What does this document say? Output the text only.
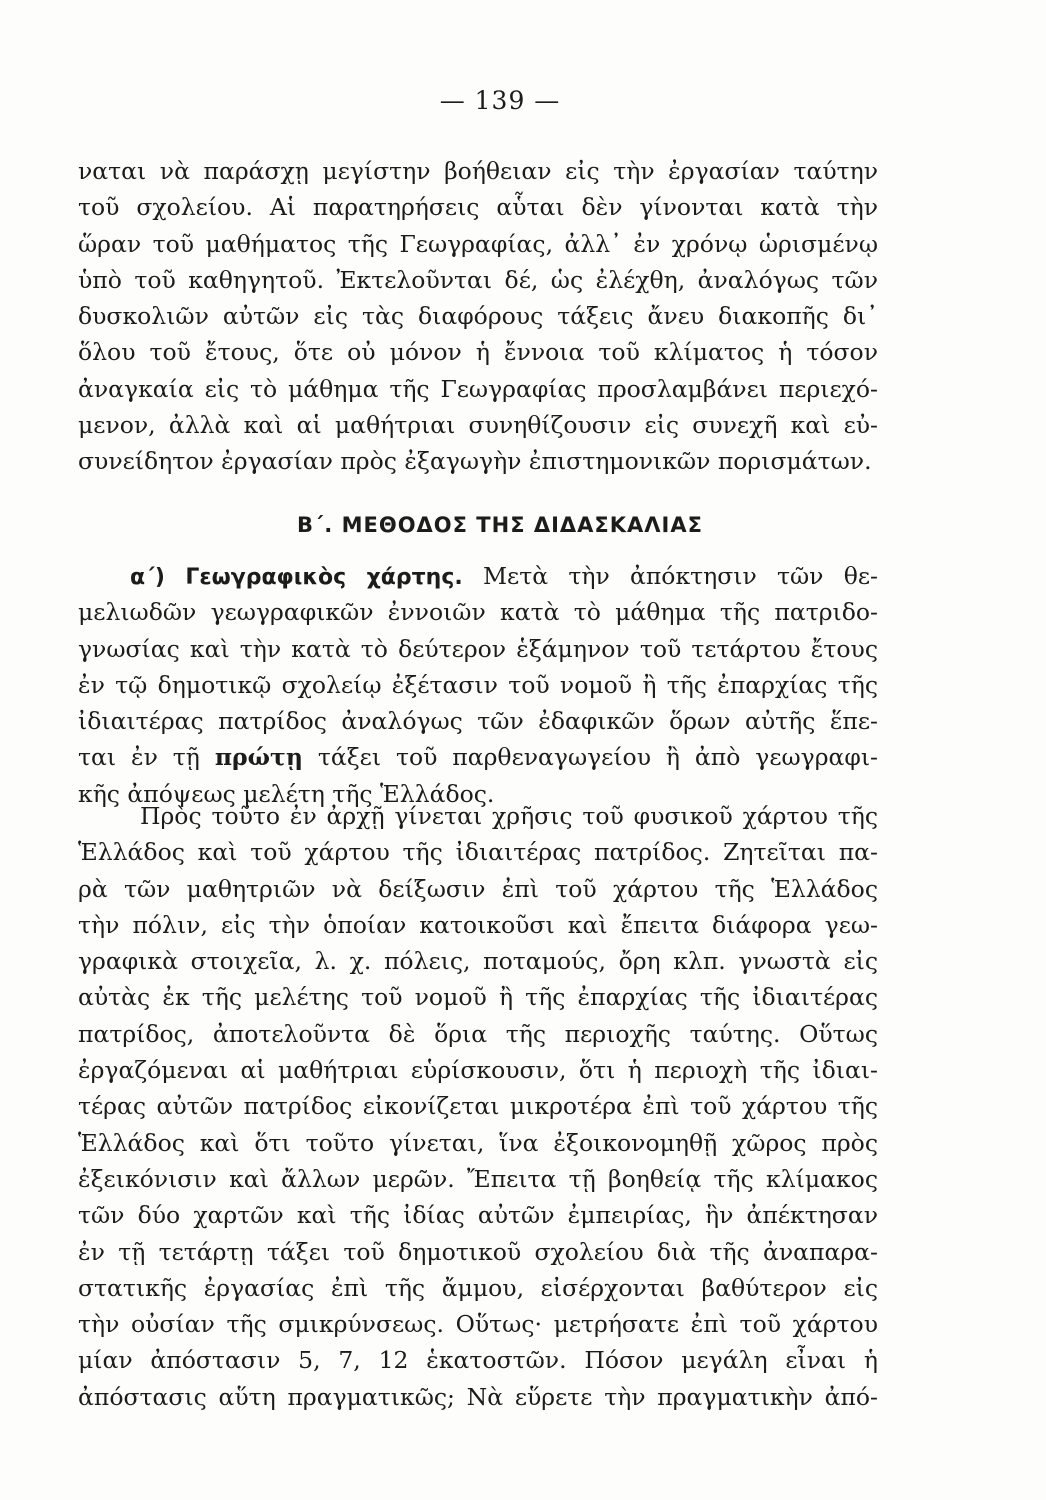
— 139 —
ναται νὰ παράσχῃ μεγίστην βοήθειαν εἰς τὴν ἐργασίαν ταύτην
τοῦ σχολείου. Αἱ παρατηρήσεις αὗται δὲν γίνονται κατὰ τὴν
ὥραν τοῦ μαθήματος τῆς Γεωγραφίας, ἀλλ᾽ ἐν χρόνῳ ὡρισμένῳ
ὑπὸ τοῦ καθηγητοῦ. Ἐκτελοῦνται δέ, ὡς ἐλέχθη, ἀναλόγως τῶν
δυσκολιῶν αὐτῶν εἰς τὰς διαφόρους τάξεις ἄνευ διακοπῆς δι᾽
ὅλου τοῦ ἔτους, ὅτε οὐ μόνον ἡ ἔννοια τοῦ κλίματος ἡ τόσον
ἀναγκαία εἰς τὸ μάθημα τῆς Γεωγραφίας προσλαμβάνει περιεχό-
μενον, ἀλλὰ καὶ αἱ μαθήτριαι συνηθίζουσιν εἰς συνεχῆ καὶ εὐ-
συνείδητον ἐργασίαν πρὸς ἐξαγωγὴν ἐπιστημονικῶν πορισμάτων.
Β΄. ΜΕΘΟΔΟΣ ΤΗΣ ΔΙΔΑΣΚΑΛΙΑΣ
α΄) Γεωγραφικὸς χάρτης. Μετὰ τὴν ἀπόκτησιν τῶν θε-
μελιωδῶν γεωγραφικῶν ἐννοιῶν κατὰ τὸ μάθημα τῆς πατριδο-
γνωσίας καὶ τὴν κατὰ τὸ δεύτερον ἑξάμηνον τοῦ τετάρτου ἔτους
ἐν τῷ δημοτικῷ σχολείῳ ἐξέτασιν τοῦ νομοῦ ἢ τῆς ἐπαρχίας τῆς
ἰδιαιτέρας πατρίδος ἀναλόγως τῶν ἐδαφικῶν ὅρων αὐτῆς ἕπε-
ται ἐν τῇ πρώτῃ τάξει τοῦ παρθεναγωγείου ἢ ἀπὸ γεωγραφι-
κῆς ἀπόψεως μελέτη τῆς Ἑλλάδος.
Πρὸς τοῦτο ἐν ἀρχῇ γίνεται χρῆσις τοῦ φυσικοῦ χάρτου τῆς
Ἑλλάδος καὶ τοῦ χάρτου τῆς ἰδιαιτέρας πατρίδος. Ζητεῖται πα-
ρὰ τῶν μαθητριῶν νὰ δείξωσιν ἐπὶ τοῦ χάρτου τῆς Ἑλλάδος
τὴν πόλιν, εἰς τὴν ὁποίαν κατοικοῦσι καὶ ἔπειτα διάφορα γεω-
γραφικὰ στοιχεῖα, λ. χ. πόλεις, ποταμούς, ὄρη κλπ. γνωστὰ εἰς
αὐτὰς ἐκ τῆς μελέτης τοῦ νομοῦ ἢ τῆς ἐπαρχίας τῆς ἰδιαιτέρας
πατρίδος, ἀποτελοῦντα δὲ ὅρια τῆς περιοχῆς ταύτης. Οὕτως
ἐργαζόμεναι αἱ μαθήτριαι εὑρίσκουσιν, ὅτι ἡ περιοχὴ τῆς ἰδιαι-
τέρας αὐτῶν πατρίδος εἰκονίζεται μικροτέρα ἐπὶ τοῦ χάρτου τῆς
Ἑλλάδος καὶ ὅτι τοῦτο γίνεται, ἵνα ἐξοικονομηθῇ χῶρος πρὸς
ἐξεικόνισιν καὶ ἄλλων μερῶν. Ἔπειτα τῇ βοηθείᾳ τῆς κλίμακος
τῶν δύο χαρτῶν καὶ τῆς ἰδίας αὐτῶν ἐμπειρίας, ἣν ἀπέκτησαν
ἐν τῇ τετάρτῃ τάξει τοῦ δημοτικοῦ σχολείου διὰ τῆς ἀναπαρα-
στατικῆς ἐργασίας ἐπὶ τῆς ἄμμου, εἰσέρχονται βαθύτερον εἰς
τὴν οὐσίαν τῆς σμικρύνσεως. Οὕτως· μετρήσατε ἐπὶ τοῦ χάρτου
μίαν ἀπόστασιν 5, 7, 12 ἑκατοστῶν. Πόσον μεγάλη εἶναι ἡ
ἀπόστασις αὕτη πραγματικῶς; Νὰ εὕρετε τὴν πραγματικὴν ἀπό-
